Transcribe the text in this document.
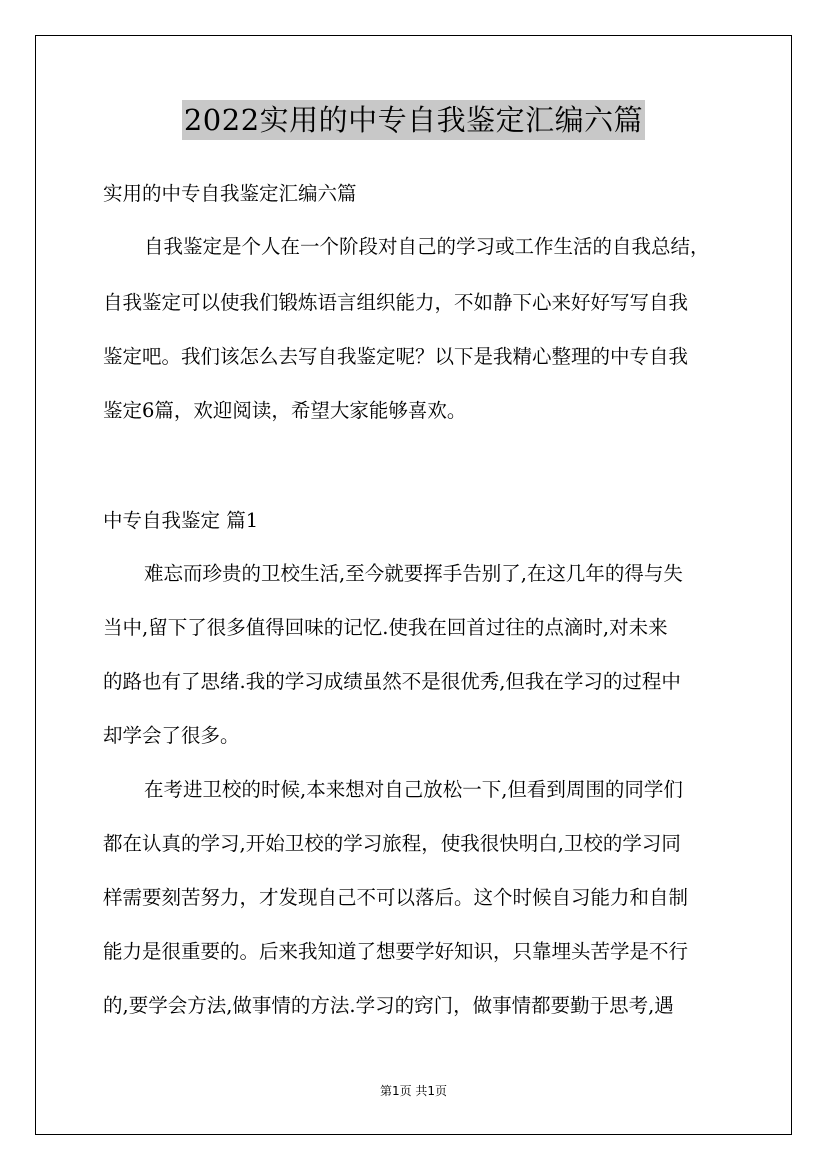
2022实用的中专自我鉴定汇编六篇
实用的中专自我鉴定汇编六篇
自我鉴定是个人在一个阶段对自己的学习或工作生活的自我总结，
自我鉴定可以使我们锻炼语言组织能力，不如静下心来好好写写自我
鉴定吧。我们该怎么去写自我鉴定呢？以下是我精心整理的中专自我
鉴定6篇，欢迎阅读，希望大家能够喜欢。
中专自我鉴定 篇1
难忘而珍贵的卫校生活,至今就要挥手告别了,在这几年的得与失
当中,留下了很多值得回味的记忆.使我在回首过往的点滴时,对未来
的路也有了思绪.我的学习成绩虽然不是很优秀,但我在学习的过程中
却学会了很多。
在考进卫校的时候,本来想对自己放松一下,但看到周围的同学们
都在认真的学习,开始卫校的学习旅程，使我很快明白,卫校的学习同
样需要刻苦努力，才发现自己不可以落后。这个时候自习能力和自制
能力是很重要的。后来我知道了想要学好知识，只靠埋头苦学是不行
的,要学会方法,做事情的方法.学习的窍门，做事情都要勤于思考,遇
第1页 共1页
